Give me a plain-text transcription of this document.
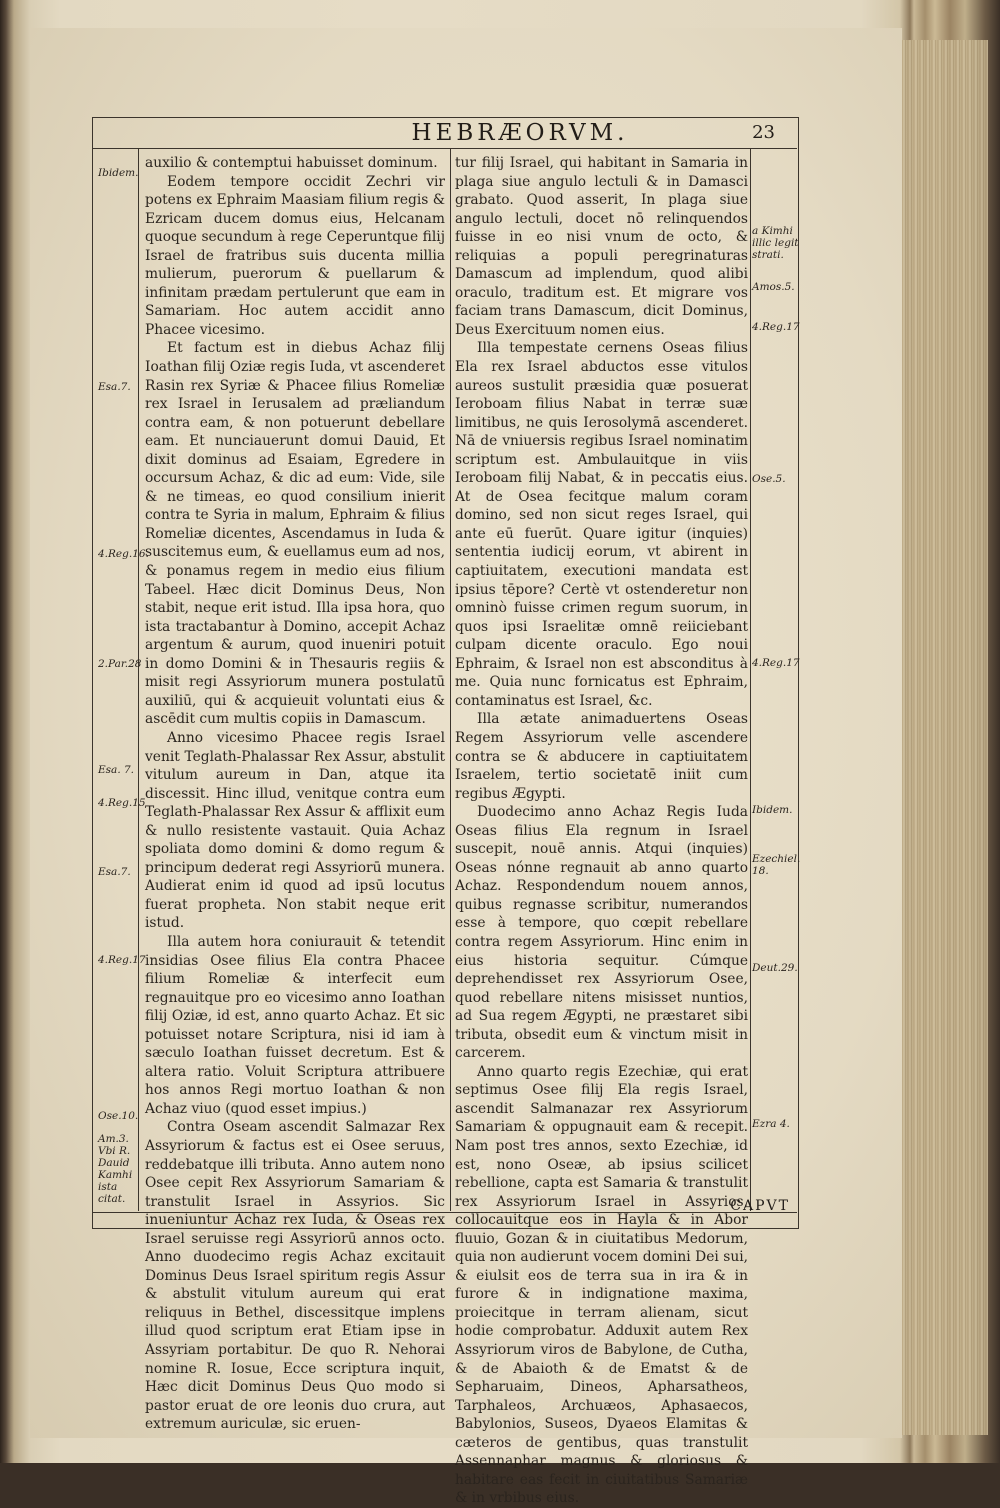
HEBRÆORVM.	23

auxilio & contemptui habuisset dominum.

Eodem tempore occidit Zechri vir potens ex Ephraim Maasiam filium regis & Ezricam ducem domus eius, Helcanam quoque secundum à rege Ceperuntque filij Israel de fratribus suis ducenta millia mulierum, puerorum & puellarum & infinitam prædam pertulerunt que eam in Samariam. Hoc autem accidit anno Phacee vicesimo.

Et factum est in diebus Achaz filij Ioathan filij Oziæ regis Iuda, vt ascenderet Rasin rex Syriæ & Phacee filius Romeliæ rex Israel in Ierusalem ad præliandum contra eam, & non potuerunt debellare eam. Et nunciauerunt domui Dauid, Et dixit dominus ad Esaiam, Egredere in occursum Achaz, & dic ad eum: Vide, sile & ne timeas, eo quod consilium inierit contra te Syria in malum, Ephraim & filius Romeliæ dicentes, Ascendamus in Iuda & suscitemus eum, & euellamus eum ad nos, & ponamus regem in medio eius filium Tabeel. Hæc dicit Dominus Deus, Non stabit, neque erit istud. Illa ipsa hora, quo ista tractabantur à Domino, accepit Achaz argentum & aurum, quod inueniri potuit in domo Domini & in Thesauris regiis & misit regi Assyriorum munera postulatū auxiliū, qui & acquieuit voluntati eius & ascēdit cum multis copiis in Damascum.

Anno vicesimo Phacee regis Israel venit Teglath-Phalassar Rex Assur, abstulit vitulum aureum in Dan, atque ita discessit. Hinc illud, venitque contra eum Teglath-Phalassar Rex Assur & afflixit eum & nullo resistente vastauit. Quia Achaz spoliata domo domini & domo regum & principum dederat regi Assyriorū munera. Audierat enim id quod ad ipsū locutus fuerat propheta. Non stabit neque erit istud.

Illa autem hora coniurauit & tetendit insidias Osee filius Ela contra Phacee filium Romeliæ & interfecit eum regnauitque pro eo vicesimo anno Ioathan filij Oziæ, id est, anno quarto Achaz. Et sic potuisset notare Scriptura, nisi id iam à sæculo Ioathan fuisset decretum. Est & altera ratio. Voluit Scriptura attribuere hos annos Regi mortuo Ioathan & non Achaz viuo (quod esset impius.)

Contra Oseam ascendit Salmazar Rex Assyriorum & factus est ei Osee seruus, reddebatque illi tributa. Anno autem nono Osee cepit Rex Assyriorum Samariam & transtulit Israel in Assyrios. Sic inueniuntur Achaz rex Iuda, & Oseas rex Israel seruisse regi Assyriorū annos octo. Anno duodecimo regis Achaz excitauit Dominus Deus Israel spiritum regis Assur & abstulit vitulum aureum qui erat reliquus in Bethel, discessitque implens illud quod scriptum erat Etiam ipse in Assyriam portabitur. De quo R. Nehorai nomine R. Iosue, Ecce scriptura inquit, Hæc dicit Dominus Deus Quo modo si pastor eruat de ore leonis duo crura, aut extremum auriculæ, sic eruen-

tur filij Israel, qui habitant in Samaria in plaga siue angulo lectuli & in Damasci grabato. Quod asserit, In plaga siue angulo lectuli, docet nō relinquendos fuisse in eo nisi vnum de octo, & reliquias a populi peregrinaturas Damascum ad implendum, quod alibi oraculo, traditum est. Et migrare vos faciam trans Damascum, dicit Dominus, Deus Exercituum nomen eius.

Illa tempestate cernens Oseas filius Ela rex Israel abductos esse vitulos aureos sustulit præsidia quæ posuerat Ieroboam filius Nabat in terræ suæ limitibus, ne quis Ierosolymā ascenderet. Nā de vniuersis regibus Israel nominatim scriptum est. Ambulauitque in viis Ieroboam filij Nabat, & in peccatis eius. At de Osea fecitque malum coram domino, sed non sicut reges Israel, qui ante eū fuerūt. Quare igitur (inquies) sententia iudicij eorum, vt abirent in captiuitatem, executioni mandata est ipsius tēpore? Certè vt ostenderetur non omninò fuisse crimen regum suorum, in quos ipsi Israelitæ omnē reiiciebant culpam dicente oraculo. Ego noui Ephraim, & Israel non est absconditus à me. Quia nunc fornicatus est Ephraim, contaminatus est Israel, &c.

Illa ætate animaduertens Oseas Regem Assyriorum velle ascendere contra se & abducere in captiuitatem Israelem, tertio societatē iniit cum regibus Ægypti.

Duodecimo anno Achaz Regis Iuda Oseas filius Ela regnum in Israel suscepit, nouē annis. Atqui (inquies) Oseas nónne regnauit ab anno quarto Achaz. Respondendum nouem annos, quibus regnasse scribitur, numerandos esse à tempore, quo cœpit rebellare contra regem Assyriorum. Hinc enim in eius historia sequitur. Cúmque deprehendisset rex Assyriorum Osee, quod rebellare nitens misisset nuntios, ad Sua regem Ægypti, ne præstaret sibi tributa, obsedit eum & vinctum misit in carcerem.

Anno quarto regis Ezechiæ, qui erat septimus Osee filij Ela regis Israel, ascendit Salmanazar rex Assyriorum Samariam & oppugnauit eam & recepit. Nam post tres annos, sexto Ezechiæ, id est, nono Oseæ, ab ipsius scilicet rebellione, capta est Samaria & transtulit rex Assyriorum Israel in Assyrios, collocauitque eos in Hayla & in Abor fluuio, Gozan & in ciuitatibus Medorum, quia non audierunt vocem domini Dei sui, & eiulsit eos de terra sua in ira & in furore & in indignatione maxima, proiecitque in terram alienam, sicut hodie comprobatur. Adduxit autem Rex Assyriorum viros de Babylone, de Cutha, & de Abaioth & de Ematst & de Sepharuaim, Dineos, Apharsatheos, Tarphaleos, Archuæos, Aphasaecos, Babylonios, Suseos, Dyaeos Elamitas & cæteros de gentibus, quas transtulit Assennaphar magnus & gloriosus & habitare eas fecit in ciuitatibus Samariæ & in vrbibus eius.

Ibidem.
Esa.7.
4.Reg.16.
2.Par.28
Esa. 7.
4.Reg.15
Esa.7.
4.Reg.17
Ose.10.
Am.3. Vbi R. Dauid Kamhi ista citat.
a Kimhi illic legit strati.
Amos.5.
4.Reg.17
Ose.5.
4.Reg.17
Ibidem.
Ezechiel. 18.
Deut.29.
Ezra 4.
CAPVT
